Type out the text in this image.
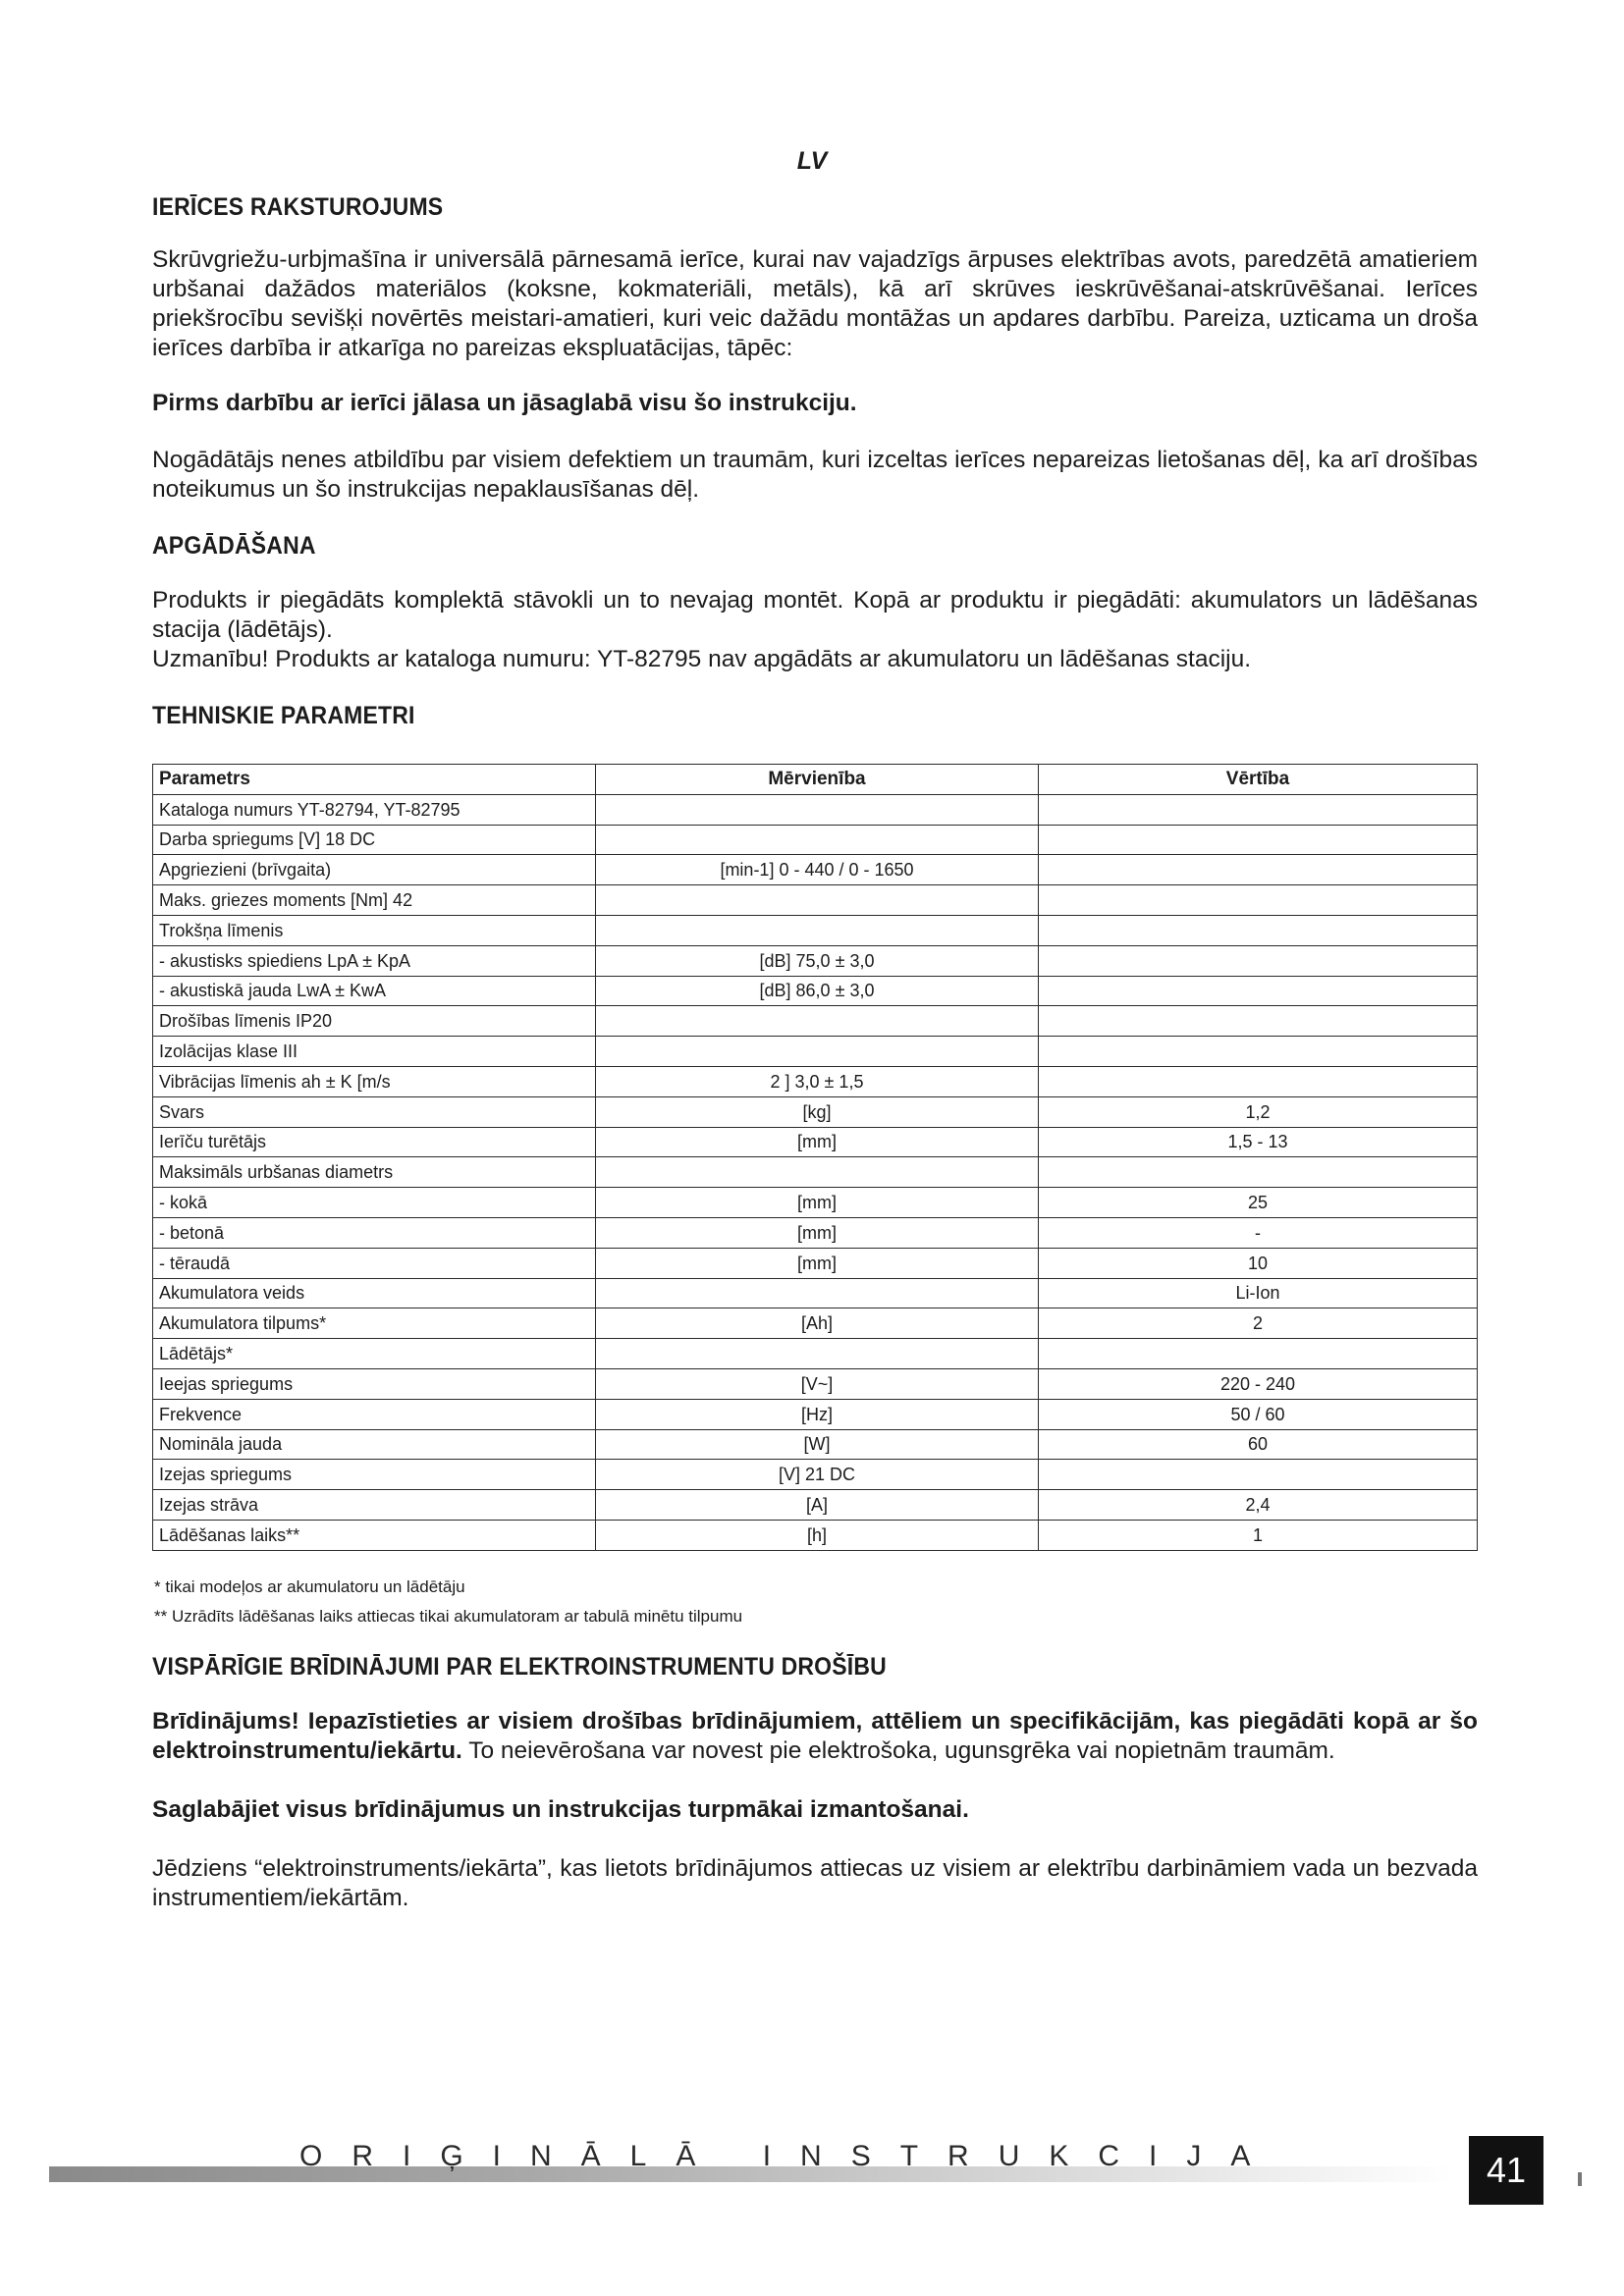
LV
IERĪCES RAKSTUROJUMS

Skrūvgriežu-urbjmašīna ir universālā pārnesamā ierīce, kurai nav vajadzīgs ārpuses elektrības avots, paredzētā amatieriem urbšanai dažādos materiālos (koksne, kokmateriāli, metāls), kā arī skrūves ieskrūvēšanai-atskrūvēšanai. Ierīces priekšrocību sevišķi novērtēs meistari-amatieri, kuri veic dažādu montāžas un apdares darbību. Pareiza, uzticama un droša ierīces darbība ir atkarīga no pareizas ekspluatācijas, tāpēc:

Pirms darbību ar ierīci jālasa un jāsaglabā visu šo instrukciju.

Nogādātājs nenes atbildību par visiem defektiem un traumām, kuri izceltas ierīces nepareizas lietošanas dēļ, ka arī drošības noteikumus un šo instrukcijas nepaklausīšanas dēļ.

APGĀDĀŠANA

Produkts ir piegādāts komplektā stāvokli un to nevajag montēt. Kopā ar produktu ir piegādāti: akumulators un lādēšanas stacija (lādētājs).

Uzmanību! Produkts ar kataloga numuru: YT-82795 nav apgādāts ar akumulatoru un lādēšanas staciju.

TEHNISKIE PARAMETRI
Parametrs	Mērvienība	Vērtība
Kataloga numurs YT-82794, YT-82795		
Darba spriegums [V] 18 DC		
Apgriezieni (brīvgaita)	[min-1] 0 - 440 / 0 - 1650	
Maks. griezes moments [Nm] 42		
Trokšņa līmenis		
- akustisks spiediens LpA ± KpA	[dB] 75,0 ± 3,0	
- akustiskā jauda LwA ± KwA	[dB] 86,0 ± 3,0	
Drošības līmenis IP20		
Izolācijas klase III		
Vibrācijas līmenis ah ± K [m/s	2 ] 3,0 ± 1,5	
Svars	[kg]	1,2
Ierīču turētājs	[mm]	1,5 - 13
Maksimāls urbšanas diametrs		
- kokā	[mm]	25
- betonā	[mm]	-
- tēraudā	[mm]	10
Akumulatora veids		Li-Ion
Akumulatora tilpums*	[Ah]	2
Lādētājs*		
Ieejas spriegums	[V~]	220 - 240
Frekvence	[Hz]	50 / 60
Nomināla jauda	[W]	60
Izejas spriegums	[V] 21 DC	
Izejas strāva	[A]	2,4
Lādēšanas laiks**	[h]	1
* tikai modeļos ar akumulatoru un lādētāju
** Uzrādīts lādēšanas laiks attiecas tikai akumulatoram ar tabulā minētu tilpumu
VISPĀRĪGIE BRĪDINĀJUMI PAR ELEKTROINSTRUMENTU DROŠĪBU

Brīdinājums! Iepazīstieties ar visiem drošības brīdinājumiem, attēliem un specifikācijām, kas piegādāti kopā ar šo elektroinstrumentu/iekārtu. To neievērošana var novest pie elektrošoka, ugunsgrēka vai nopietnām traumām.

Saglabājiet visus brīdinājumus un instrukcijas turpmākai izmantošanai.

Jēdziens “elektroinstruments/iekārta”, kas lietots brīdinājumos attiecas uz visiem ar elektrību darbināmiem vada un bezvada instrumentiem/iekārtām.

ORIĢINĀLĀ INSTRUKCIJA	41
